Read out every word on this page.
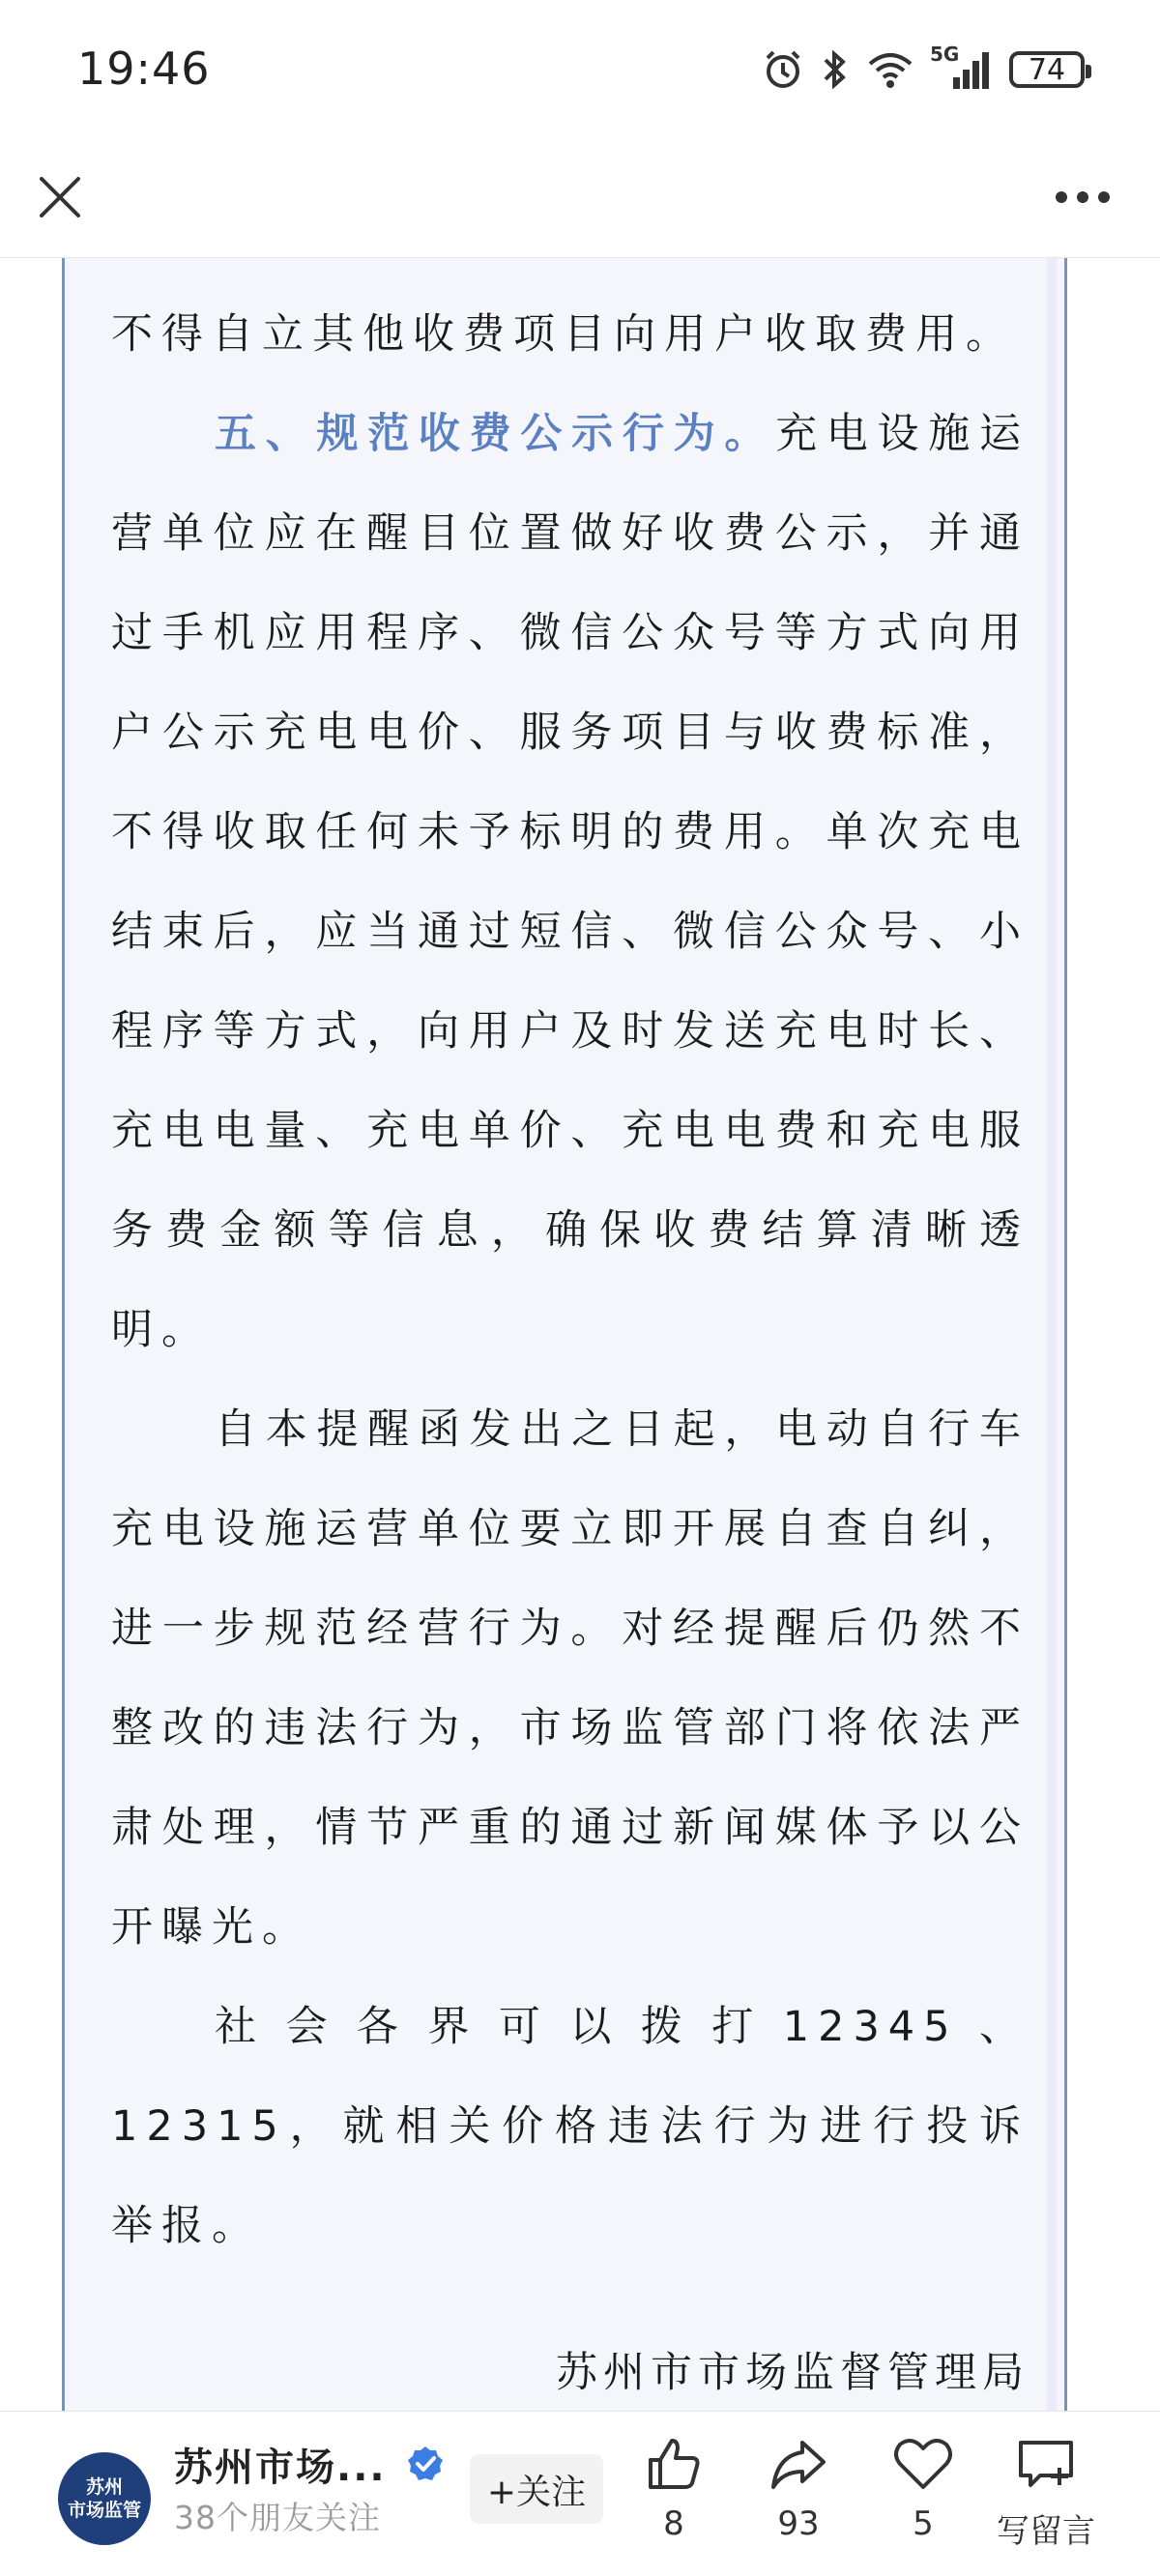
19:46	5G 74

不得自立其他收费项目向用户收取费用。

五、规范收费公示行为。充电设施运营单位应在醒目位置做好收费公示，并通过手机应用程序、微信公众号等方式向用户公示充电电价、服务项目与收费标准，不得收取任何未予标明的费用。单次充电结束后，应当通过短信、微信公众号、小程序等方式，向用户及时发送充电时长、充电电量、充电单价、充电电费和充电服务费金额等信息，确保收费结算清晰透明。

自本提醒函发出之日起，电动自行车充电设施运营单位要立即开展自查自纠，进一步规范经营行为。对经提醒后仍然不整改的违法行为，市场监管部门将依法严肃处理，情节严重的通过新闻媒体予以公开曝光。

社会各界可以拨打12345、12315，就相关价格违法行为进行投诉举报。

苏州市市场监督管理局
苏州
市场监管
苏州市场...
38个朋友关注
+关注
8	93	5 写留言
